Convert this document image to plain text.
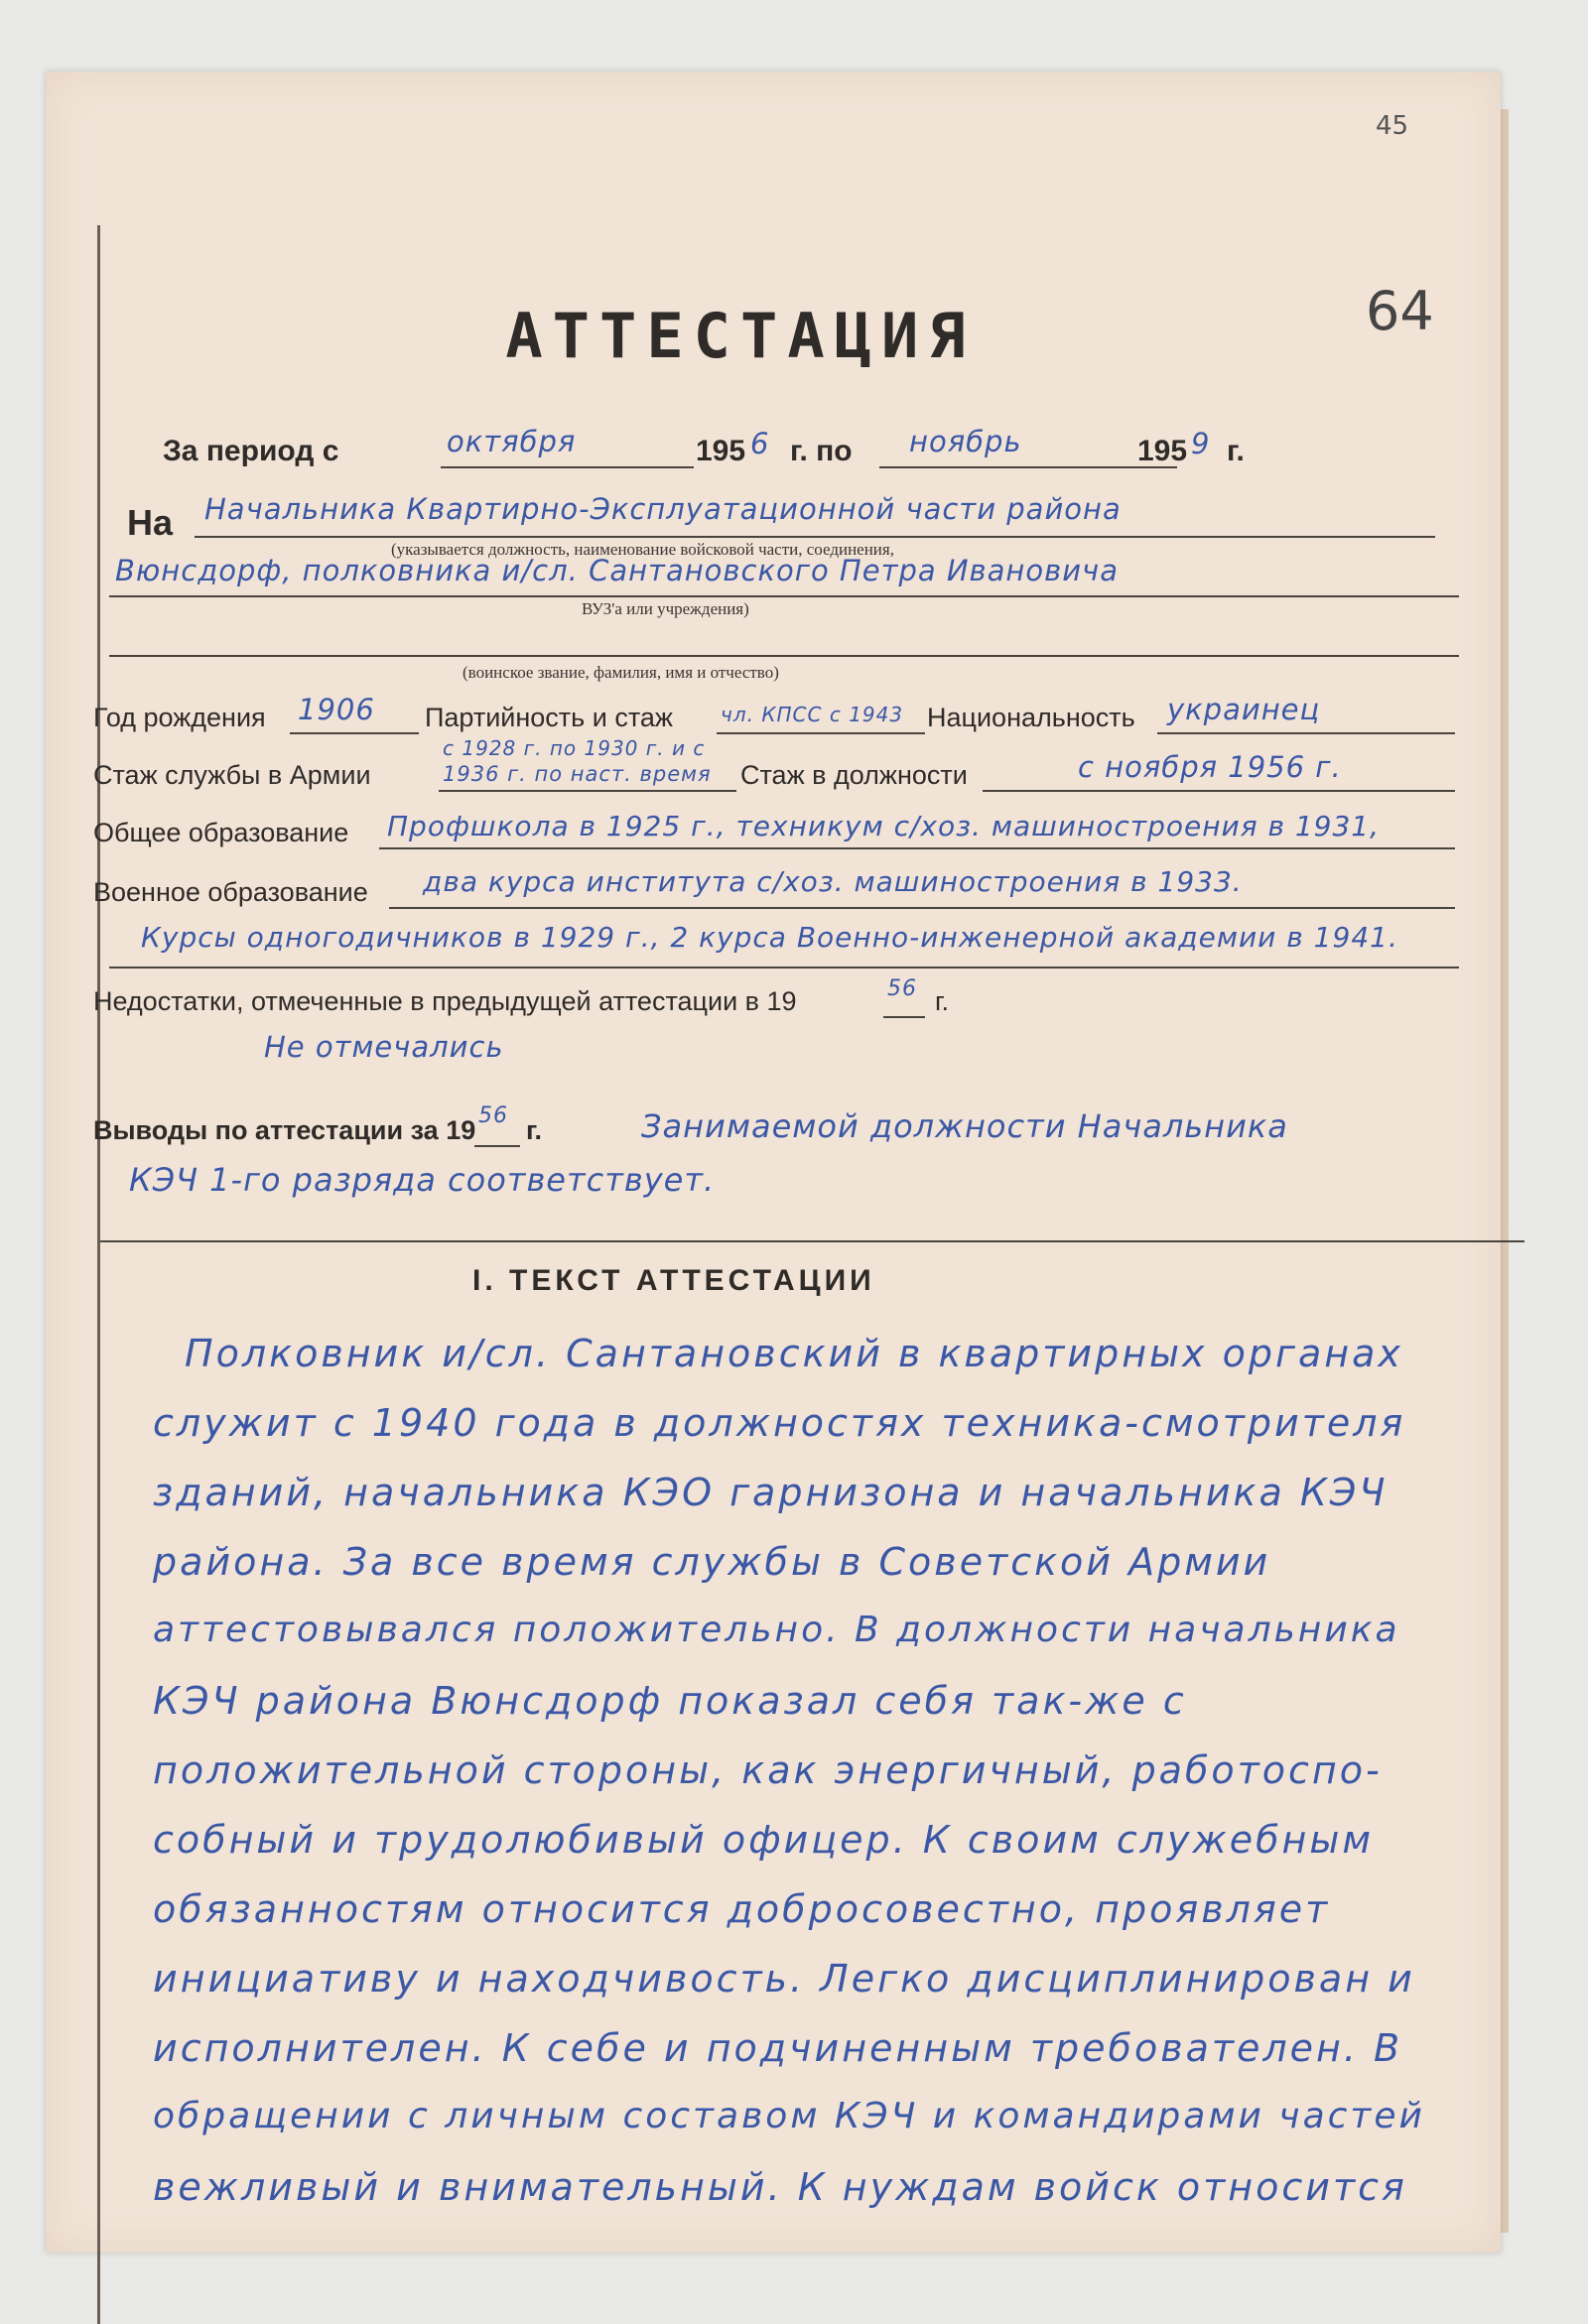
45
64
АТТЕСТАЦИЯ
За период с	октября	195 6 г. по ноябрь	195 9 г.
На Начальника Квартирно-Эксплуатационной части района
(указывается должность, наименование войсковой части, соединения,
Вюнсдорф, полковника и/сл. Сантановского Петра Ивановича
ВУЗ'а или учреждения)
(воинское звание, фамилия, имя и отчество)
Год рождения 1906 Партийность и стаж чл. КПСС с 1943 Национальность украинец
с 1928 г. по 1930 г. и с
Стаж службы в Армии	1936 г. по наст. время Стаж в должности	с ноября 1956 г.
Общее образование Профшкола в 1925 г., техникум с/хоз. машиностроения в 1931,
Военное образование два курса института с/хоз. машиностроения в 1933.
Курсы одногодичников в 1929 г., 2 курса Военно-инженерной академии в 1941.
Недостатки, отмеченные в предыдущей аттестации в 19	56 г.
Не отмечались
Выводы по аттестации за 19 56 г.	Занимаемой должности Начальника
КЭЧ 1-го разряда соответствует.
I. ТЕКСТ АТТЕСТАЦИИ
Полковник и/сл. Сантановский в квартирных органах
служит с 1940 года в должностях техника-смотрителя
зданий, начальника КЭО гарнизона и начальника КЭЧ
района. За все время службы в Советской Армии
аттестовывался положительно. В должности начальника
КЭЧ района Вюнсдорф показал себя так-же с
положительной стороны, как энергичный, работоспо-
собный и трудолюбивый офицер. К своим служебным
обязанностям относится добросовестно, проявляет
инициативу и находчивость. Легко дисциплинирован и
исполнителен. К себе и подчиненным требователен. В
обращении с личным составом КЭЧ и командирами частей
вежливый и внимательный. К нуждам войск относится
